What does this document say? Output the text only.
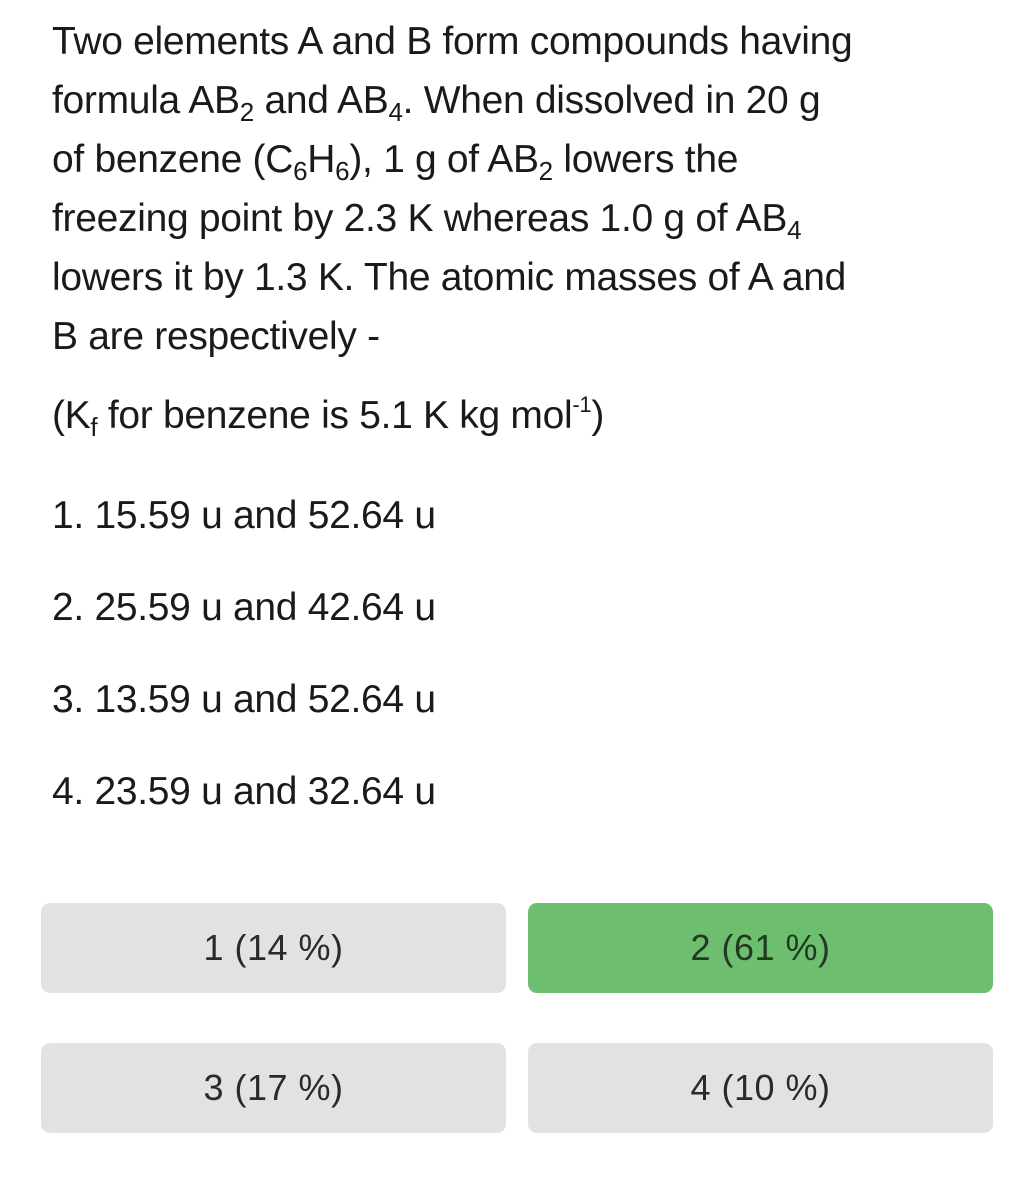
Two elements A and B form compounds having
formula $AB_2$ and $AB_4$. When dissolved in 20 g
of benzene $(C_6H_6)$, 1 g of $AB_2$ lowers the
freezing point by 2.3 K whereas 1.0 g of $AB_4$
lowers it by 1.3 K. The atomic masses of A and
B are respectively -
($K_f$ for benzene is 5.1 K kg mol$^{-1}$)
1. 15.59 u and 52.64 u
2. 25.59 u and 42.64 u
3. 13.59 u and 52.64 u
4. 23.59 u and 32.64 u
1 (14 %)	2 (61 %)
3 (17 %)	4 (10 %)
